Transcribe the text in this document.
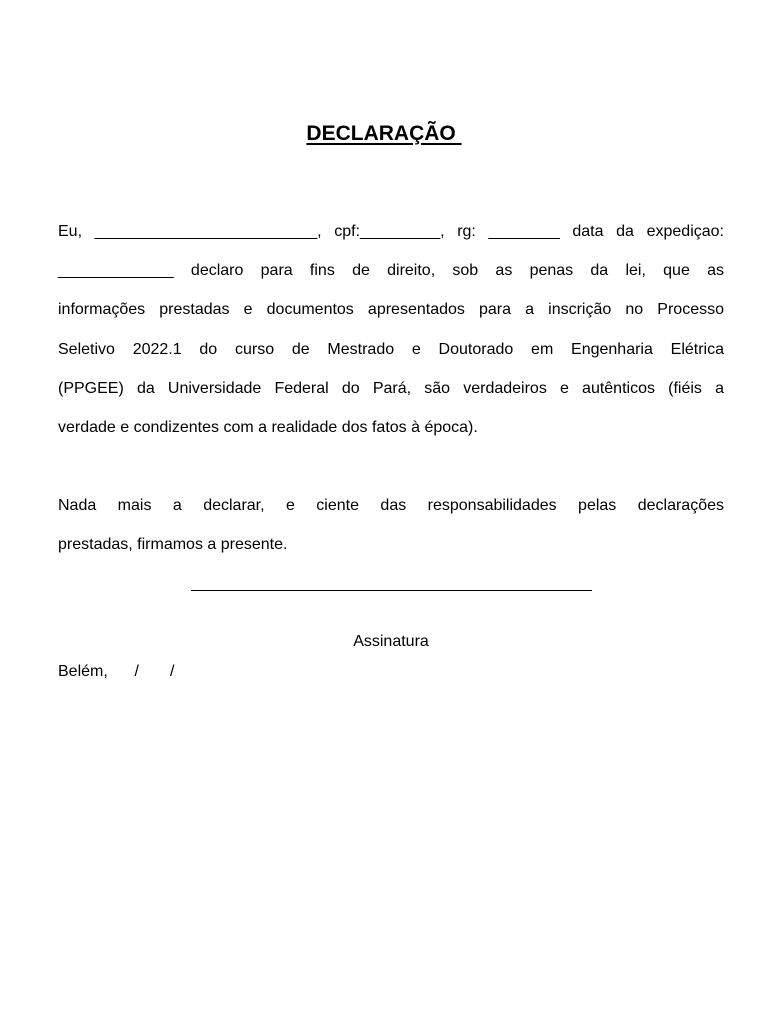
DECLARAÇÃO
Eu, _________________________, cpf:_________, rg: ________ data da expediçao:
_____________ declaro para fins de direito, sob as penas da lei, que as
informações prestadas e documentos apresentados para a inscrição no Processo
Seletivo 2022.1 do curso de Mestrado e Doutorado em Engenharia Elétrica
(PPGEE) da Universidade Federal do Pará, são verdadeiros e autênticos (fiéis a
verdade e condizentes com a realidade dos fatos à época).
Nada mais a declarar, e ciente das responsabilidades pelas declarações
prestadas, firmamos a presente.
Assinatura
Belém,      /       /
